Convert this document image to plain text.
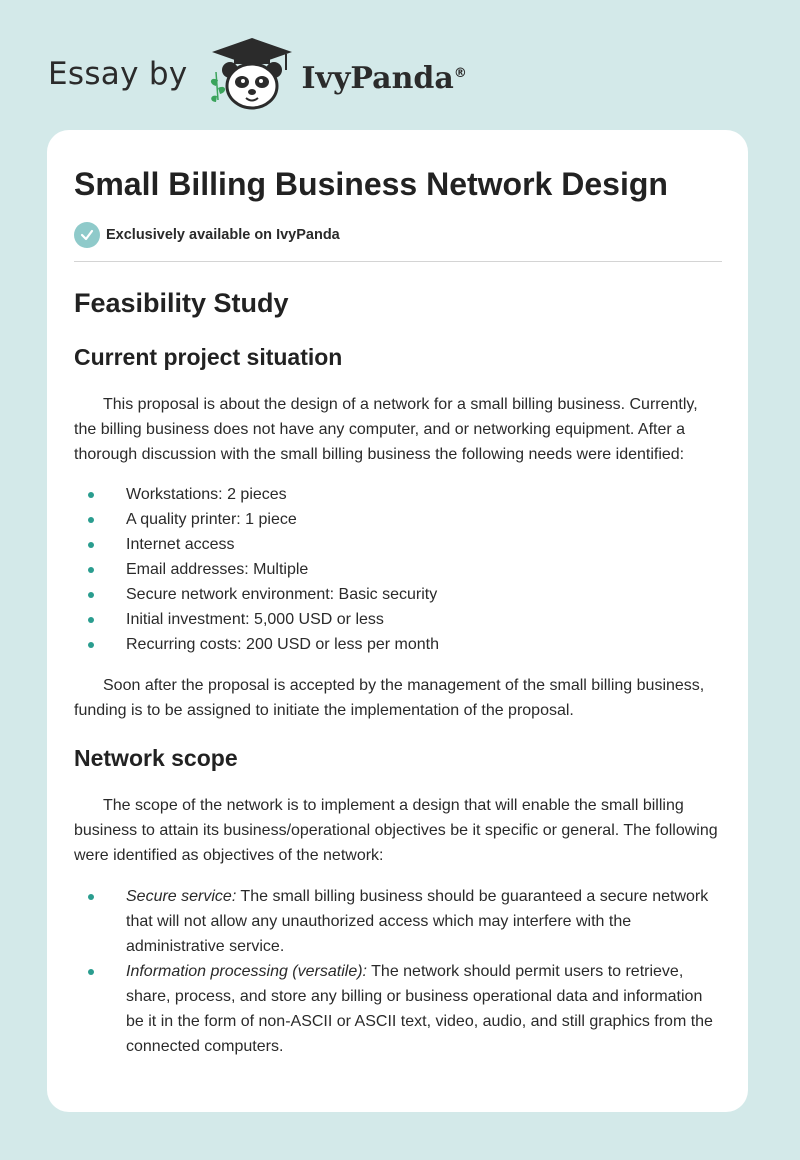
Essay by	IvyPanda®
Small Billing Business Network Design
Exclusively available on IvyPanda
Feasibility Study
Current project situation

This proposal is about the design of a network for a small billing business. Currently, the billing business does not have any computer, and or networking equipment. After a thorough discussion with the small billing business the following needs were identified:

Workstations: 2 pieces
A quality printer: 1 piece
Internet access
Email addresses: Multiple
Secure network environment: Basic security
Initial investment: 5,000 USD or less
Recurring costs: 200 USD or less per month

Soon after the proposal is accepted by the management of the small billing business, funding is to be assigned to initiate the implementation of the proposal.

Network scope

The scope of the network is to implement a design that will enable the small billing business to attain its business/operational objectives be it specific or general. The following were identified as objectives of the network:

Secure service: The small billing business should be guaranteed a secure network that will not allow any unauthorized access which may interfere with the administrative service.
Information processing (versatile): The network should permit users to retrieve, share, process, and store any billing or business operational data and information be it in the form of non-ASCII or ASCII text, video, audio, and still graphics from the connected computers.
